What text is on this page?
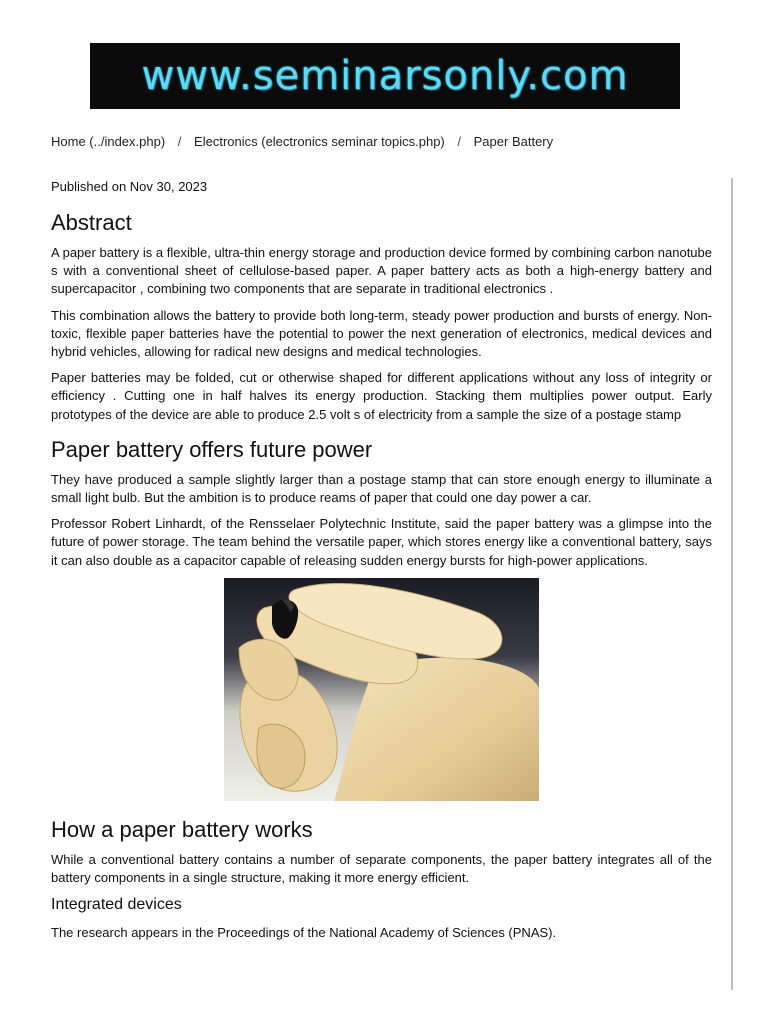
www.seminarsonly.com
Home (../index.php) / Electronics (electronics seminar topics.php) / Paper Battery
Published on Nov 30, 2023
Abstract

A paper battery is a flexible, ultra-thin energy storage and production device formed by combining carbon nanotube s with a conventional sheet of cellulose-based paper. A paper battery acts as both a high-energy battery and supercapacitor , combining two components that are separate in traditional electronics .

This combination allows the battery to provide both long-term, steady power production and bursts of energy. Non-toxic, flexible paper batteries have the potential to power the next generation of electronics, medical devices and hybrid vehicles, allowing for radical new designs and medical technologies.

Paper batteries may be folded, cut or otherwise shaped for different applications without any loss of integrity or efficiency . Cutting one in half halves its energy production. Stacking them multiplies power output. Early prototypes of the device are able to produce 2.5 volt s of electricity from a sample the size of a postage stamp

Paper battery offers future power

They have produced a sample slightly larger than a postage stamp that can store enough energy to illuminate a small light bulb. But the ambition is to produce reams of paper that could one day power a car.

Professor Robert Linhardt, of the Rensselaer Polytechnic Institute, said the paper battery was a glimpse into the future of power storage. The team behind the versatile paper, which stores energy like a conventional battery, says it can also double as a capacitor capable of releasing sudden energy bursts for high-power applications.

How a paper battery works

While a conventional battery contains a number of separate components, the paper battery integrates all of the battery components in a single structure, making it more energy efficient.

Integrated devices

The research appears in the Proceedings of the National Academy of Sciences (PNAS).
